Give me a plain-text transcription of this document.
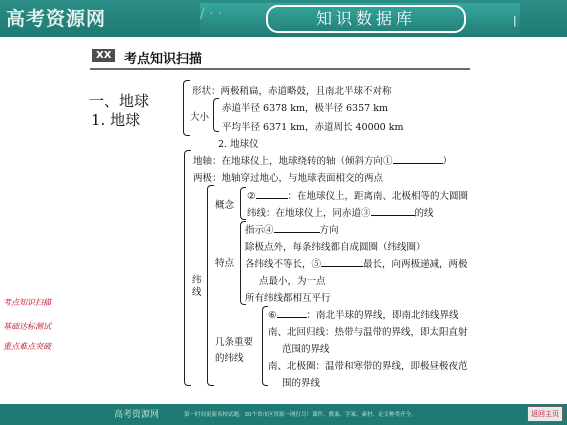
高考资源网	/ · ·	知识数据库	|
考点知识扫描
基础达标测试
重点难点突破
XX 考点知识扫描
一、地球
1. 地球
形状：两极稍扁，赤道略鼓，且南北半球不对称
大小
赤道半径 6378 km，极半径 6357 km
平均半径 6371 km，赤道周长 40000 km
2. 地球仪
地轴：在地球仪上，地球绕转的轴（倾斜方向①	）
两极：地轴穿过地心，与地球表面相交的两点
纬
线
概念
②	：在地球仪上，距离南、北极相等的大圆圈
纬线：在地球仪上，同赤道③	的线
特点
指示④	方向
除极点外，每条纬线都自成圆圈（纬线圈）
各纬线不等长，⑤	最长，向两极递减，两极
点最小，为一点
所有纬线都相互平行
几条重要
的纬线
⑥	：南北半球的界线，即南北纬线界线
南、北回归线：热带与温带的界线，即太阳直射
范围的界线
南、北极圈：温带和寒带的界线，即极昼极夜范
围的界线
高考资源网	第一时间更新名校试题，30个省市区资源一网打尽！课件、教案、学案、素材、论文种类齐全。	返回主页
